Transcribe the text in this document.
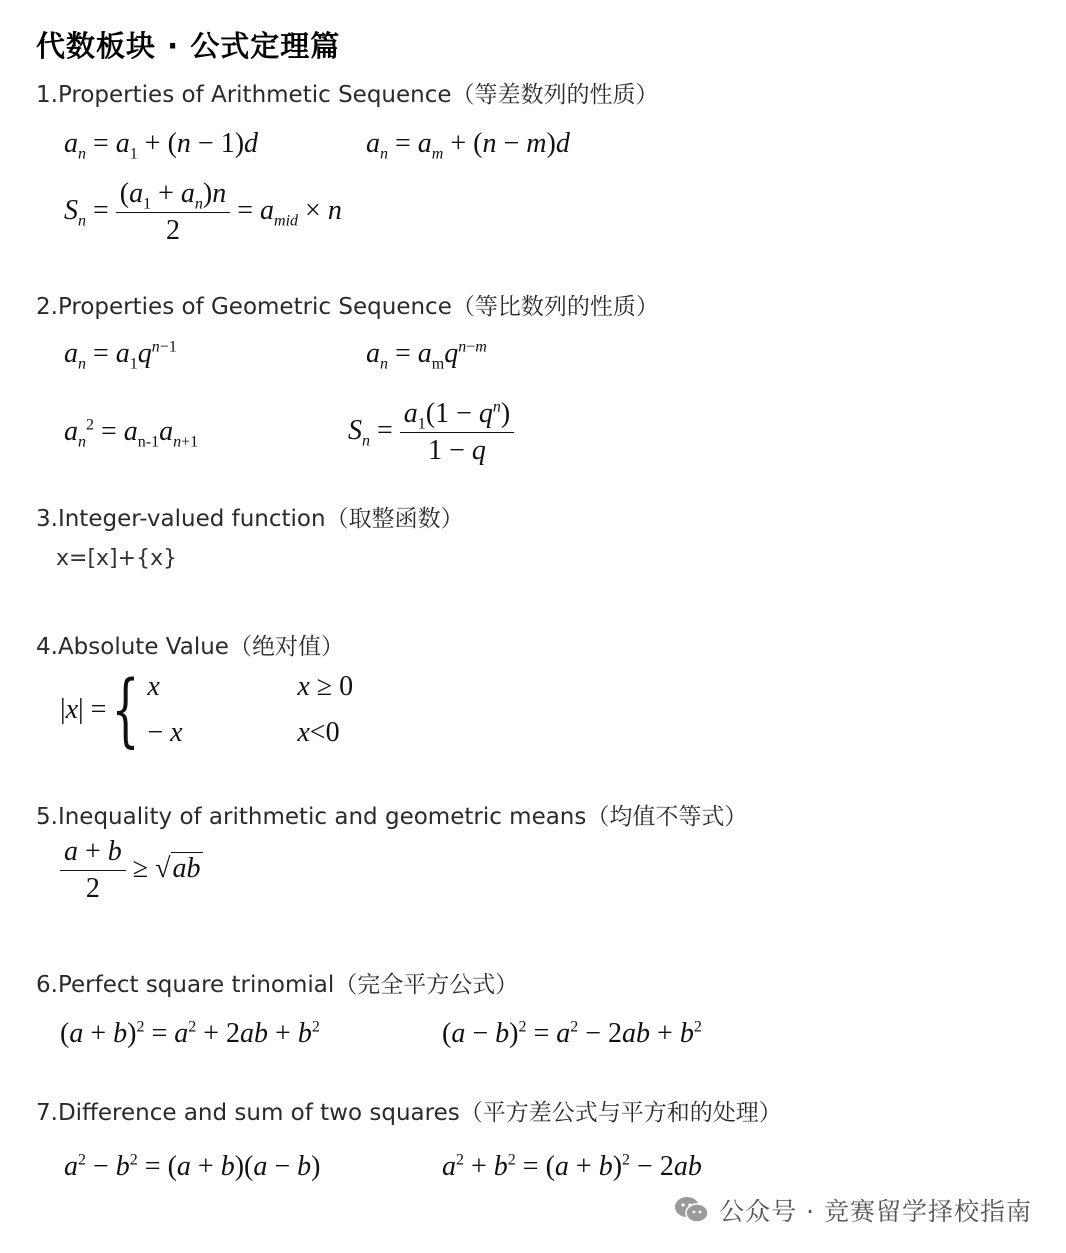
代数板块 · 公式定理篇
1.Properties of Arithmetic Sequence（等差数列的性质）
$a_n = a_1 + (n - 1)d$	$a_n = a_m + (n - m)d$
$S_n = \frac{(a_1 + a_n)n}{2} = a_{mid} \times n$
2.Properties of Geometric Sequence（等比数列的性质）
$a_n = a_1q^{n-1}$	$a_n = a_mq^{n-m}$
$a_n^2 = a_{n-1}a_{n+1}$	$S_n = \frac{a_1(1 - q^n)}{1 - q}$
3.Integer-valued function（取整函数）
x=[x]+{x}
4.Absolute Value（绝对值）
|x| = { x	x ≥ 0
− x	x<0
5.Inequality of arithmetic and geometric means（均值不等式）
$\frac{a + b}{2}$ ≥ √ ab
6.Perfect square trinomial（完全平方公式）
$(a + b)^2 = a^2 + 2ab + b^2$	$(a - b)^2 = a^2 - 2ab + b^2$
7.Difference and sum of two squares（平方差公式与平方和的处理）
$a^2 - b^2 = (a + b)(a - b)$	$a^2 + b^2 = (a + b)^2 - 2ab$
公众号 · 竞赛留学择校指南
